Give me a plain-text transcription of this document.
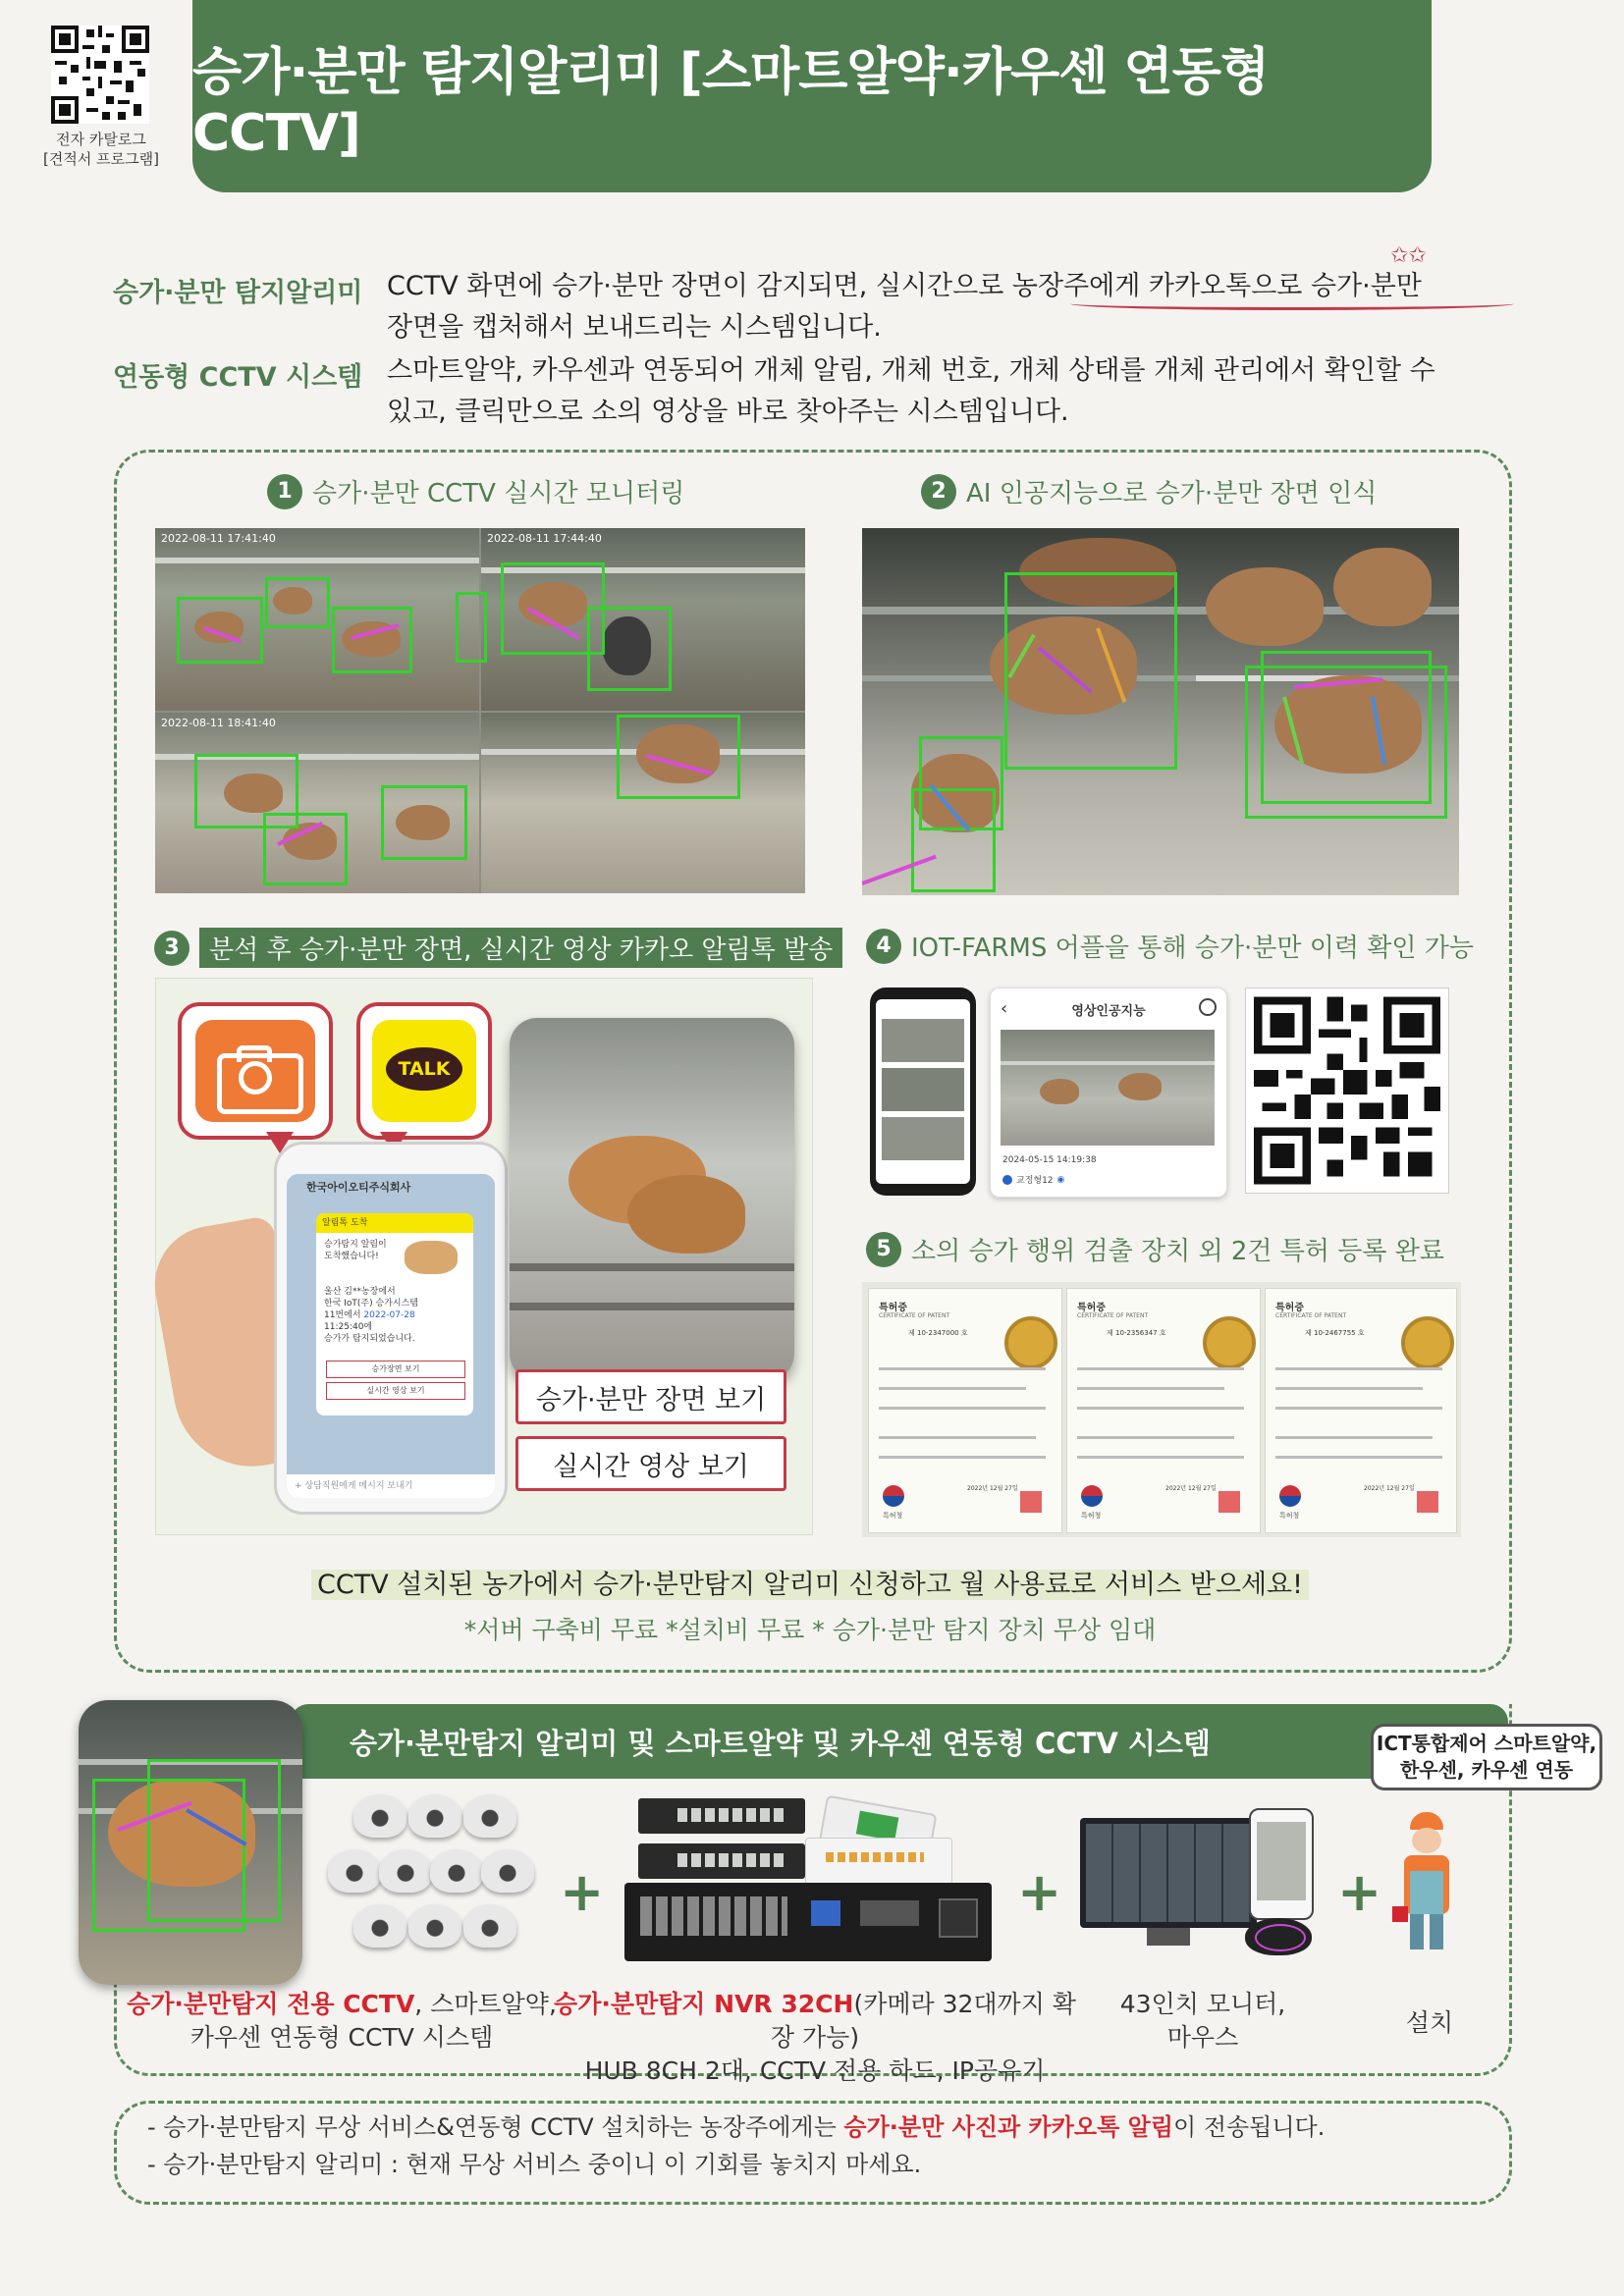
전자 카탈로그
[견적서 프로그램]
승가·분만 탐지알리미 [스마트알약·카우센 연동형 CCTV]
승가·분만 탐지알리미 CCTV 화면에 승가·분만 장면이 감지되면, 실시간으로 농장주에게 카카오톡으로 승가·분만
장면을 캡처해서 보내드리는 시스템입니다.
✩✩
연동형 CCTV 시스템 스마트알약, 카우센과 연동되어 개체 알림, 개체 번호, 개체 상태를 개체 관리에서 확인할 수
있고, 클릭만으로 소의 영상을 바로 찾아주는 시스템입니다.
1 승가·분만 CCTV 실시간 모니터링
2022-08-11 17:41:40	2022-08-11 17:44:40
2022-08-11 18:41:40
2 AI 인공지능으로 승가·분만 장면 인식
3	분석 후 승가·분만 장면, 실시간 영상 카카오 알림톡 발송
TALK
한국아이오티주식회사
알림톡 도착
승가탐지 알림이
도착했습니다!
울산 김**농장에서
한국 IoT(주) 승가시스템
11번에서 2022-07-28
11:25:40에
승가가 탐지되었습니다.
승가장면 보기
실시간 영상 보기
+ 상담직원에게 메시지 보내기
승가·분만 장면 보기
실시간 영상 보기
4 IOT-FARMS 어플을 통해 승가·분만 이력 확인 가능
‹	영상인공지능
2024-05-15 14:19:38
교정형12 ◉
5 소의 승가 행위 검출 장치 외 2건 특허 등록 완료
특허증
CERTIFICATE OF PATENT
제 10-2347000 호
특허청
2022년 12월 27일
특허증
CERTIFICATE OF PATENT
제 10-2356347 호
특허청
2022년 12월 27일
특허증
CERTIFICATE OF PATENT
제 10-2467755 호
특허청
2022년 12월 27일
CCTV 설치된 농가에서 승가·분만탐지 알리미 신청하고 월 사용료로 서비스 받으세요!
*서버 구축비 무료 *설치비 무료 * 승가·분만 탐지 장치 무상 임대
승가·분만탐지 알리미 및 스마트알약 및 카우센 연동형 CCTV 시스템	ICT통합제어 스마트알약,
한우센, 카우센 연동
+	+	+
승가·분만탐지 전용 CCTV, 스마트알약,
카우센 연동형 CCTV 시스템
승가·분만탐지 NVR 32CH(카메라 32대까지 확장 가능)
HUB 8CH 2대, CCTV 전용 하드, IP공유기
43인치 모니터,
마우스
설치
- 승가·분만탐지 무상 서비스&연동형 CCTV 설치하는 농장주에게는 승가·분만 사진과 카카오톡 알림이 전송됩니다.
- 승가·분만탐지 알리미 : 현재 무상 서비스 중이니 이 기회를 놓치지 마세요.
